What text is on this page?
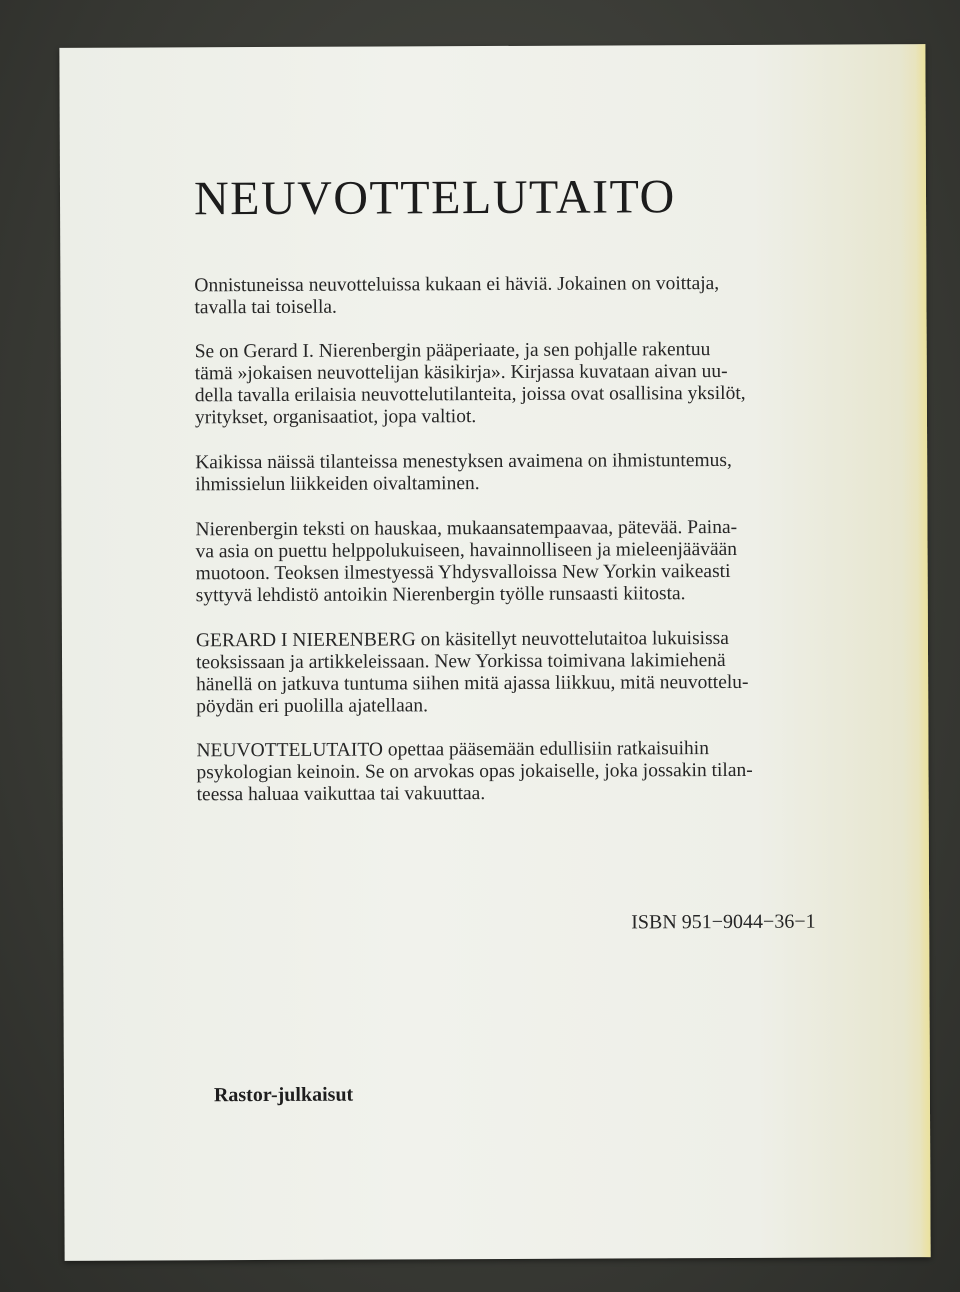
NEUVOTTELUTAITO
Onnistuneissa neuvotteluissa kukaan ei häviä. Jokainen on voittaja,
tavalla tai toisella.
Se on Gerard I. Nierenbergin pääperiaate, ja sen pohjalle rakentuu
tämä »jokaisen neuvottelijan käsikirja». Kirjassa kuvataan aivan uu-
della tavalla erilaisia neuvottelutilanteita, joissa ovat osallisina yksilöt,
yritykset, organisaatiot, jopa valtiot.
Kaikissa näissä tilanteissa menestyksen avaimena on ihmistuntemus,
ihmissielun liikkeiden oivaltaminen.
Nierenbergin teksti on hauskaa, mukaansatempaavaa, pätevää. Paina-
va asia on puettu helppolukuiseen, havainnolliseen ja mieleenjäävään
muotoon. Teoksen ilmestyessä Yhdysvalloissa New Yorkin vaikeasti
syttyvä lehdistö antoikin Nierenbergin työlle runsaasti kiitosta.
GERARD I NIERENBERG on käsitellyt neuvottelutaitoa lukuisissa
teoksissaan ja artikkeleissaan. New Yorkissa toimivana lakimiehenä
hänellä on jatkuva tuntuma siihen mitä ajassa liikkuu, mitä neuvottelu-
pöydän eri puolilla ajatellaan.
NEUVOTTELUTAITO opettaa pääsemään edullisiin ratkaisuihin
psykologian keinoin. Se on arvokas opas jokaiselle, joka jossakin tilan-
teessa haluaa vaikuttaa tai vakuuttaa.
ISBN 951−9044−36−1
Rastor-julkaisut
